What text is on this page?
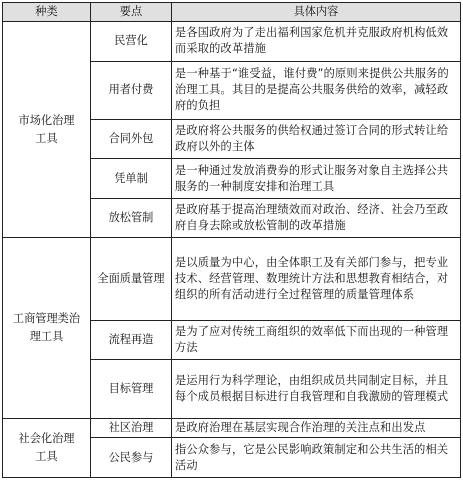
种类	要点	具体内容
市场化治理工具	民营化	是各国政府为了走出福利国家危机并克服政府机构低效而采取的改革措施
	用者付费	是一种基于“谁受益，谁付费”的原则来提供公共服务的治理工具。其目的是提高公共服务供给的效率，减轻政府的负担
	合同外包	是政府将公共服务的供给权通过签订合同的形式转让给政府以外的主体
	凭单制	是一种通过发放消费券的形式让服务对象自主选择公共服务的一种制度安排和治理工具
	放松管制	是政府基于提高治理绩效而对政治、经济、社会乃至政府自身去除或放松管制的改革措施
工商管理类治理工具	全面质量管理	是以质量为中心，由全体职工及有关部门参与，把专业技术、经营管理、数理统计方法和思想教育相结合，对组织的所有活动进行全过程管理的质量管理体系
	流程再造	是为了应对传统工商组织的效率低下而出现的一种管理方法
	目标管理	是运用行为科学理论，由组织成员共同制定目标，并且每个成员根据目标进行自我管理和自我激励的管理模式
社会化治理工具	社区治理	是政府治理在基层实现合作治理的关注点和出发点
	公民参与	指公众参与，它是公民影响政策制定和公共生活的相关活动
